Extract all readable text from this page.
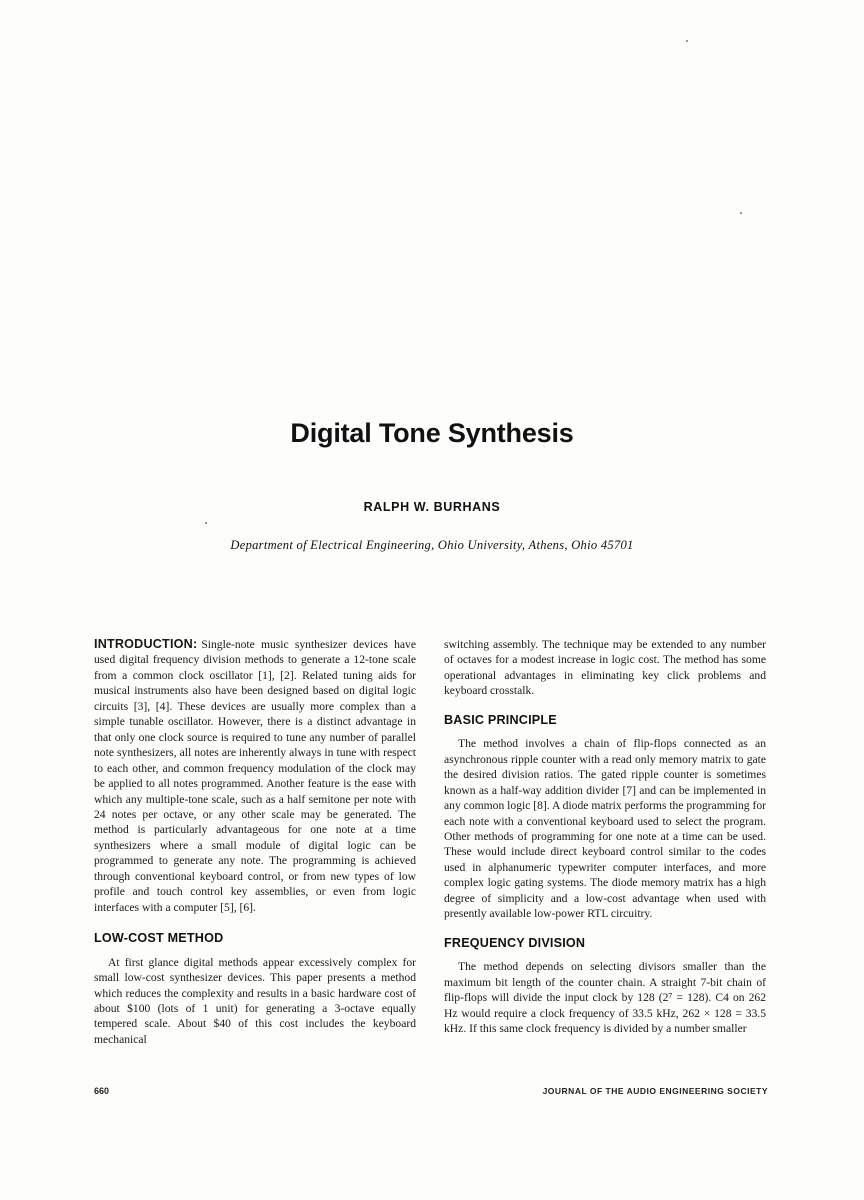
Digital Tone Synthesis
RALPH W. BURHANS
Department of Electrical Engineering, Ohio University, Athens, Ohio 45701

INTRODUCTION: Single-note music synthesizer devices have used digital frequency division methods to generate a 12-tone scale from a common clock oscillator [1], [2]. Related tuning aids for musical instruments also have been designed based on digital logic circuits [3], [4]. These devices are usually more complex than a simple tunable oscillator. However, there is a distinct advantage in that only one clock source is required to tune any number of parallel note synthesizers, all notes are inherently always in tune with respect to each other, and common frequency modulation of the clock may be applied to all notes programmed. Another feature is the ease with which any multiple-tone scale, such as a half semitone per note with 24 notes per octave, or any other scale may be generated. The method is particularly advantageous for one note at a time synthesizers where a small module of digital logic can be programmed to generate any note. The programming is achieved through conventional keyboard control, or from new types of low profile and touch control key assemblies, or even from logic interfaces with a computer [5], [6].

LOW-COST METHOD

At first glance digital methods appear excessively complex for small low-cost synthesizer devices. This paper presents a method which reduces the complexity and results in a basic hardware cost of about $100 (lots of 1 unit) for generating a 3-octave equally tempered scale. About $40 of this cost includes the keyboard mechanical

switching assembly. The technique may be extended to any number of octaves for a modest increase in logic cost. The method has some operational advantages in eliminating key click problems and keyboard crosstalk.

BASIC PRINCIPLE

The method involves a chain of flip-flops connected as an asynchronous ripple counter with a read only memory matrix to gate the desired division ratios. The gated ripple counter is sometimes known as a half-way addition divider [7] and can be implemented in any common logic [8]. A diode matrix performs the programming for each note with a conventional keyboard used to select the program. Other methods of programming for one note at a time can be used. These would include direct keyboard control similar to the codes used in alphanumeric typewriter computer interfaces, and more complex logic gating systems. The diode memory matrix has a high degree of simplicity and a low-cost advantage when used with presently available low-power RTL circuitry.

FREQUENCY DIVISION

The method depends on selecting divisors smaller than the maximum bit length of the counter chain. A straight 7-bit chain of flip-flops will divide the input clock by 128 (2⁷ = 128). C4 on 262 Hz would require a clock frequency of 33.5 kHz, 262 × 128 = 33.5 kHz. If this same clock frequency is divided by a number smaller

660	JOURNAL OF THE AUDIO ENGINEERING SOCIETY
